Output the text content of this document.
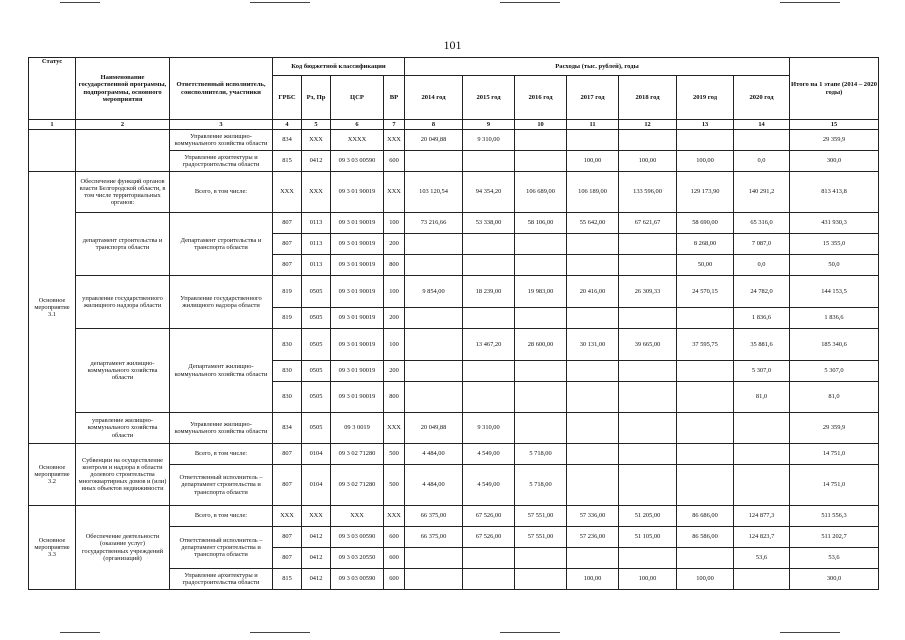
101
Статус	Наименование государственной программы, подпрограммы, основного мероприятия	Ответственный исполнитель, соисполнители, участники	Код бюджетной классификации				Расходы (тыс. рублей), годы							Итого на 1 этапе (2014 – 2020 годы)
			ГРБС	Рз, Пр	ЦСР	ВР	2014 год	2015 год	2016 год	2017 год	2018 год	2019 год	2020 год	
1	2	3	4	5	6	7	8	9	10	11	12	13	14	15
		Управление жилищно-коммунального хозяйства области	834	XXX	XXXX	XXX	20 049,88	9 310,00						29 359,9
		Управление архитектуры и градостроительства области	815	0412	09 3 03 00590	600				100,00	100,00	100,00	0,0	300,0
Основное мероприятие 3.1	Обеспечение функций органов власти Белгородской области, в том числе территориальных органов:	Всего, в том числе:	XXX	XXX	09 3 01 90019	XXX	103 120,54	94 354,20	106 689,00	106 189,00	133 596,00	129 173,90	140 291,2	813 413,8
	департамент строительства и транспорта области	Департамент строительства и транспорта области	807	0113	09 3 01 90019	100	73 216,66	53 338,00	58 106,00	55 642,00	67 621,67	58 690,00	65 316,0	431 930,3
			807	0113	09 3 01 90019	200						8 268,00	7 087,0	15 355,0
			807	0113	09 3 01 90019	800						50,00	0,0	50,0
	управление государственного жилищного надзора области	Управление государственного жилищного надзора области	819	0505	09 3 01 90019	100	9 854,00	18 239,00	19 983,00	20 416,00	26 309,33	24 570,15	24 782,0	144 153,5
			819	0505	09 3 01 90019	200							1 836,6	1 836,6
	департамент жилищно-коммунального хозяйства области	Департамент жилищно-коммунального хозяйства области	830	0505	09 3 01 90019	100		13 467,20	28 600,00	30 131,00	39 665,00	37 595,75	35 881,6	185 340,6
			830	0505	09 3 01 90019	200							5 307,0	5 307,0
			830	0505	09 3 01 90019	800							81,0	81,0
	управление жилищно-коммунального хозяйства области	Управление жилищно-коммунального хозяйства области	834	0505	09 3 0019	XXX	20 049,88	9 310,00						29 359,9
Основное мероприятие 3.2	Субвенции на осуществление контроля и надзора в области долевого строительства многоквартирных домов и (или) иных объектов недвижимости	Всего, в том числе:	807	0104	09 3 02 71280	500	4 484,00	4 549,00	5 718,00					14 751,0
		Ответственный исполнитель – департамент строительства и транспорта области	807	0104	09 3 02 71280	500	4 484,00	4 549,00	5 718,00					14 751,0
Основное мероприятие 3.3	Обеспечение деятельности (оказание услуг) государственных учреждений (организаций)	Всего, в том числе:	XXX	XXX	XXX	XXX	66 375,00	67 526,00	57 551,00	57 336,00	51 205,00	86 686,00	124 877,3	511 556,3
		Ответственный исполнитель – департамент строительства и транспорта области	807	0412	09 3 03 00590	600	66 375,00	67 526,00	57 551,00	57 236,00	51 105,00	86 586,00	124 823,7	511 202,7
			807	0412	09 3 03 20550	600							53,6	53,6
		Управление архитектуры и градостроительства области	815	0412	09 3 03 00590	600				100,00	100,00	100,00		300,0
